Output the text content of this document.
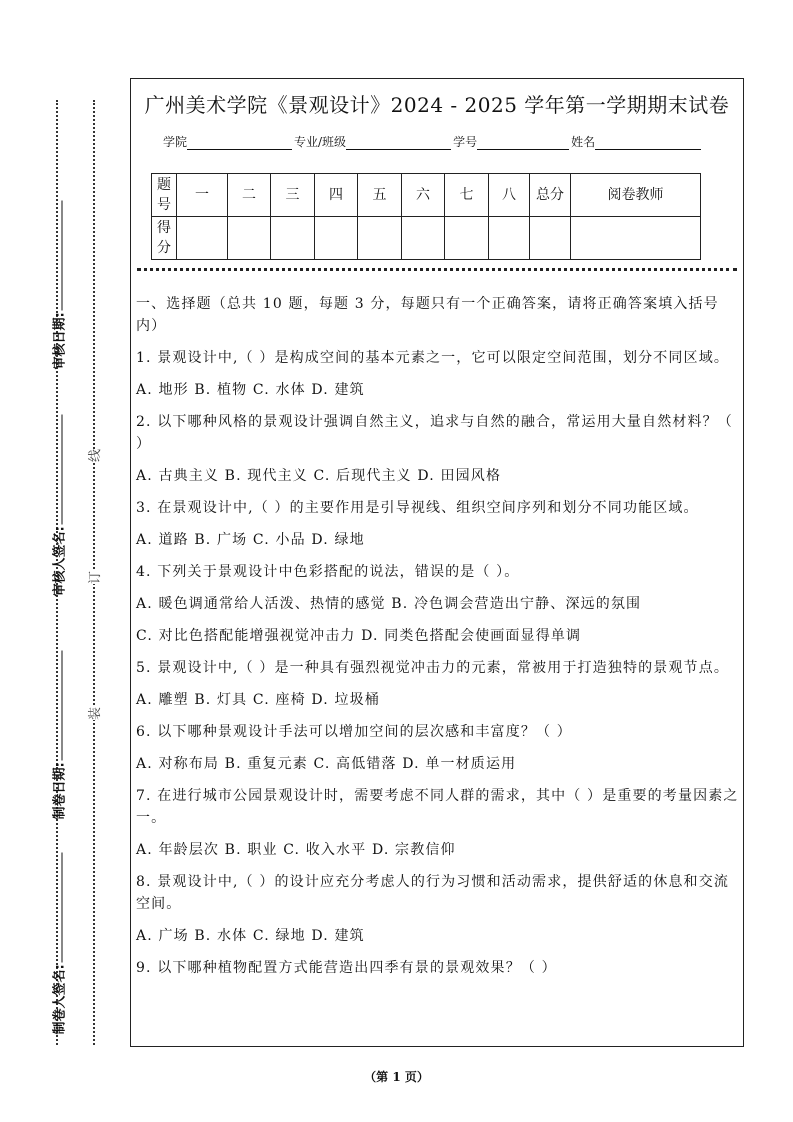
制卷人签名:
制卷日期:
审核人签名:
审核日期:
装
订
线
广州美术学院《景观设计》2024 - 2025 学年第一学期期末试卷
学院	专业/班级	学号	姓名
题号	一	二	三	四	五	六	七	八	总分	阅卷教师
得分										

一、选择题（总共 10 题，每题 3 分，每题只有一个正确答案，请将正确答案填入括号内）

1. 景观设计中,（ ）是构成空间的基本元素之一，它可以限定空间范围，划分不同区域。

A. 地形 B. 植物 C. 水体 D. 建筑

2. 以下哪种风格的景观设计强调自然主义，追求与自然的融合，常运用大量自然材料？（ ）

A. 古典主义 B. 现代主义 C. 后现代主义 D. 田园风格

3. 在景观设计中,（ ）的主要作用是引导视线、组织空间序列和划分不同功能区域。

A. 道路 B. 广场 C. 小品 D. 绿地

4. 下列关于景观设计中色彩搭配的说法，错误的是（ ）。

A. 暖色调通常给人活泼、热情的感觉 B. 冷色调会营造出宁静、深远的氛围

C. 对比色搭配能增强视觉冲击力 D. 同类色搭配会使画面显得单调

5. 景观设计中,（ ）是一种具有强烈视觉冲击力的元素，常被用于打造独特的景观节点。

A. 雕塑 B. 灯具 C. 座椅 D. 垃圾桶

6. 以下哪种景观设计手法可以增加空间的层次感和丰富度？（ ）

A. 对称布局 B. 重复元素 C. 高低错落 D. 单一材质运用

7. 在进行城市公园景观设计时，需要考虑不同人群的需求，其中（ ）是重要的考量因素之一。

A. 年龄层次 B. 职业 C. 收入水平 D. 宗教信仰

8. 景观设计中,（ ）的设计应充分考虑人的行为习惯和活动需求，提供舒适的休息和交流空间。

A. 广场 B. 水体 C. 绿地 D. 建筑

9. 以下哪种植物配置方式能营造出四季有景的景观效果？（ ）

（第 1 页）
